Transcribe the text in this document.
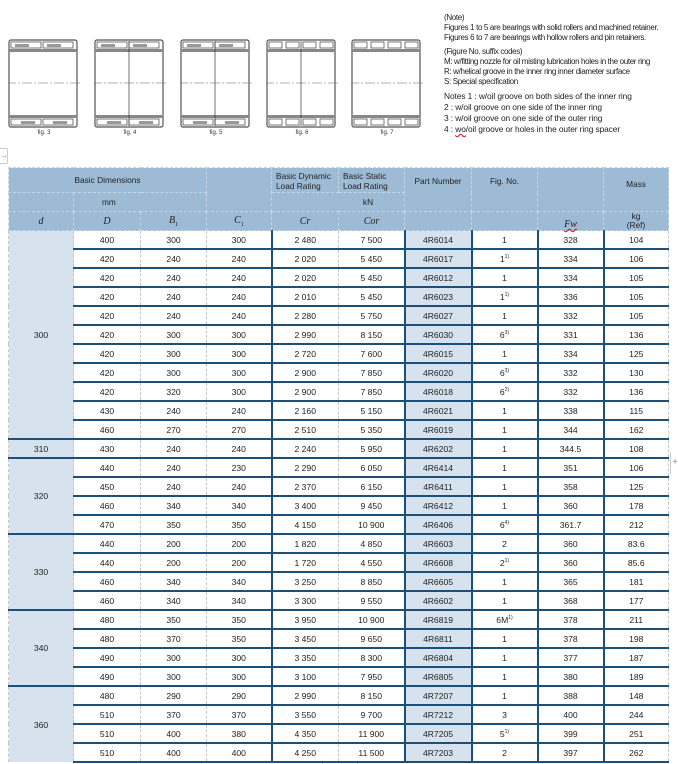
fig. 3	fig. 4	fig. 5	fig. 6	fig. 7

(Note)

Figures 1 to 5 are bearings with solid rollers and machined retainer.

Figures 6 to 7 are bearings with hollow rollers and pin retainers.

(Figure No. suffix codes)

M: w/fitting nozzle for oil misting lubrication holes in the outer ring

R: w/helical groove in the inner ring inner diameter surface

S: Special specification

Notes 1 : w/oil groove on both sides of the inner ring

2 : w/oil groove on one side of the inner ring

3 : w/oil groove on one side of the outer ring

4 : wo/oil groove or holes in the outer ring spacer

→
+
Basic Dimensions				Basic Dynamic Load Rating	Basic Static Load Rating	Part Number	Fig. No.		Mass

	mm			kN					
d	D	$B_1$	$C_1$	Cr	Cor			Fw	kg
(Ref)

300	400	300	300	2 480	7 500	4R6014	1	328	104
	420	240	240	2 020	5 450	4R6017	1$^{1)}$	334	106
	420	240	240	2 020	5 450	4R6012	1	334	105
	420	240	240	2 010	5 450	4R6023	1$^{1)}$	336	105
	420	240	240	2 280	5 750	4R6027	1	332	105
	420	300	300	2 990	8 150	4R6030	6$^{3)}$	331	136
	420	300	300	2 720	7 600	4R6015	1	334	125
	420	300	300	2 900	7 850	4R6020	6$^{3)}$	332	130
	420	320	300	2 900	7 850	4R6018	6$^{2)}$	332	136
	430	240	240	2 160	5 150	4R6021	1	338	115
	460	270	270	2 510	5 350	4R6019	1	344	162
310	430	240	240	2 240	5 950	4R6202	1	344.5	108
320	440	240	230	2 290	6 050	4R6414	1	351	106
	450	240	240	2 370	6 150	4R6411	1	358	125
	460	340	340	3 400	9 450	4R6412	1	360	178
	470	350	350	4 150	10 900	4R6406	6$^{4)}$	361.7	212
330	440	200	200	1 820	4 850	4R6603	2	360	83.6
	440	200	200	1 720	4 550	4R6608	2$^{1)}$	360	85.6
	460	340	340	3 250	8 850	4R6605	1	365	181
	460	340	340	3 300	9 550	4R6602	1	368	177
340	480	350	350	3 950	10 900	4R6819	$6M^{1)}$	378	211
	480	370	350	3 450	9 650	4R6811	1	378	198
	490	300	300	3 350	8 300	4R6804	1	377	187
	490	300	300	3 100	7 950	4R6805	1	380	189
360	480	290	290	2 990	8 150	4R7207	1	388	148
	510	370	370	3 550	9 700	4R7212	3	400	244
	510	400	380	4 350	11 900	4R7205	5$^{1)}$	399	251
	510	400	400	4 250	11 500	4R7203	2	397	262
